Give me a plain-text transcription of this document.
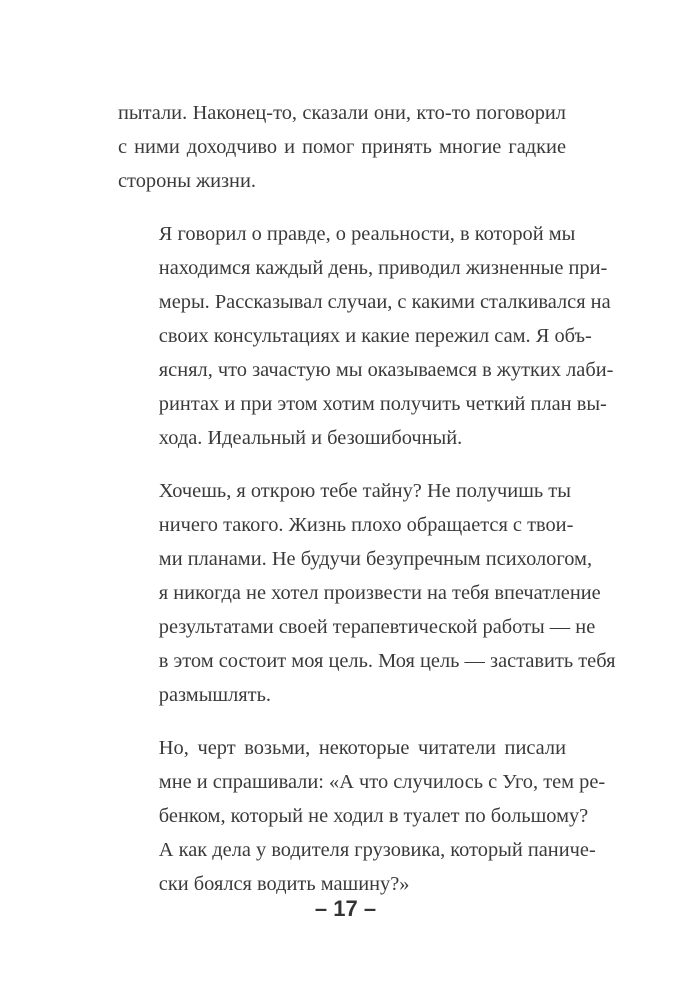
пытали. Наконец-то, сказали они, кто-то поговорил
с ними доходчиво и помог принять многие гадкие
стороны жизни.

Я говорил о правде, о реальности, в которой мы
находимся каждый день, приводил жизненные при-
меры. Рассказывал случаи, с какими сталкивался на
своих консультациях и какие пережил сам. Я объ-
яснял, что зачастую мы оказываемся в жутких лаби-
ринтах и при этом хотим получить четкий план вы-
хода. Идеальный и безошибочный.

Хочешь, я открою тебе тайну? Не получишь ты
ничего такого. Жизнь плохо обращается с твои-
ми планами. Не будучи безупречным психологом,
я никогда не хотел произвести на тебя впечатление
результатами своей терапевтической работы — не
в этом состоит моя цель. Моя цель — заставить тебя
размышлять.

Но, черт возьми, некоторые читатели писали
мне и спрашивали: «А что случилось с Уго, тем ре-
бенком, который не ходил в туалет по большому?
А как дела у водителя грузовика, который паниче-
ски боялся водить машину?»

– 17 –
